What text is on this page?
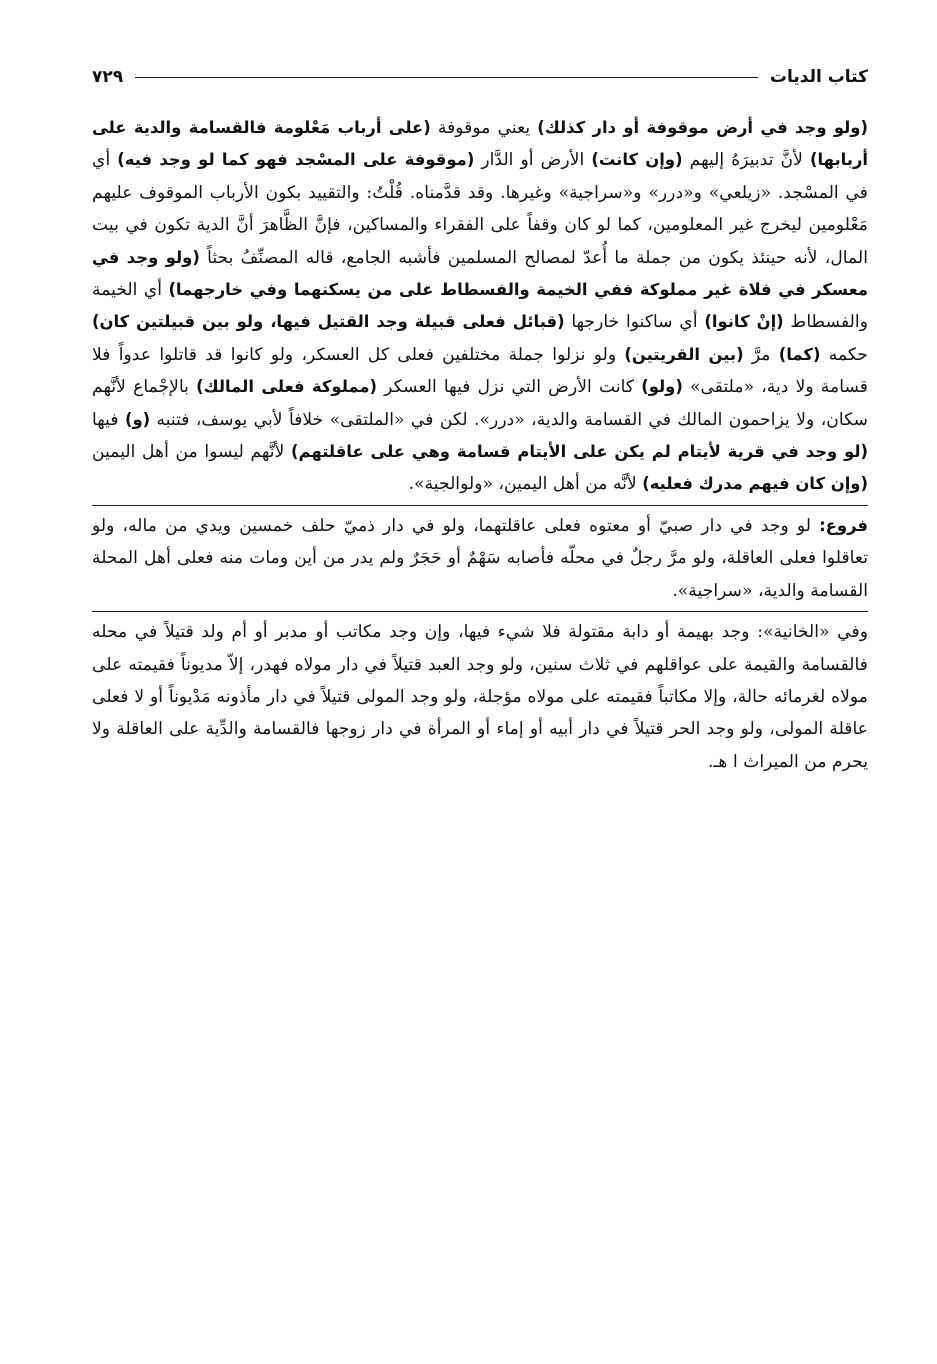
كتاب الديات
٧٢٩

(ولو وجد في أرض موقوفة أو دار كذلك) يعني موقوفة (على أرباب مَعْلومة فالقسامة والدية على أربابها) لأنَّ تدبيرَهُ إليهم (وإن كانت) الأرض أو الدَّار (موقوفة على المسْجد فهو كما لو وجد فيه) أي في المسْجد. «زيلعي» و«درر» و«سراجية» وغيرها. وقد قدَّمناه. قُلْتُ: والتقييد بكون الأرباب الموقوف عليهم مَعْلومين ليخرج غير المعلومين، كما لو كان وقفاً على الفقراء والمساكين، فإنَّ الظَّاهرَ أنَّ الدية تكون في بيت المال، لأنه حينئذ يكون من جملة ما أُعدّ لمصالح المسلمين فأشبه الجامع، قاله المصنِّفُ بحثاً (ولو وجد في معسكر في فلاة غير مملوكة ففي الخيمة والفسطاط على من يسكنهما وفي خارجهما) أي الخيمة والفسطاط (إنْ كانوا) أي ساكنوا خارجها (قبائل فعلى قبيلة وجد القتيل فيها، ولو بين قبيلتين كان) حكمه (كما) مرَّ (بين القريتين) ولو نزلوا جملة مختلفين فعلى كل العسكر، ولو كانوا قد قاتلوا عدواً فلا قسامة ولا دية، «ملتقى» (ولو) كانت الأرض التي نزل فيها العسكر (مملوكة فعلى المالك) بالإجْماع لأنَّهم سكان، ولا يزاحمون المالك في القسامة والدية، «درر». لكن في «الملتقى» خلافاً لأبي يوسف، فتنبه (و) فيها (لو وجد في قرية لأيتام لم يكن على الأيتام قسامة وهي على عاقلتهم) لأنَّهم ليسوا من أهل اليمين (وإن كان فيهم مدرك فعليه) لأنَّه من أهل اليمين، «ولوالجية».

فروع: لو وجد في دار صبيّ أو معتوه فعلى عاقلتهما، ولو في دار ذميّ حلف خمسين ويدي من ماله، ولو تعاقلوا فعلى العاقلة، ولو مرَّ رجلٌ في محلّه فأصابه سَهْمٌ أو حَجَرٌ ولم يدر من أين ومات منه فعلى أهل المحلة القسامة والدية، «سراجية».

وفي «الخانية»: وجد بهيمة أو دابة مقتولة فلا شيء فيها، وإن وجد مكاتب أو مدبر أو أم ولد قتيلاً في محله فالقسامة والقيمة على عواقلهم في ثلاث سنين، ولو وجد العبد قتيلاً في دار مولاه فهدر، إلاّ مديوناً فقيمته على مولاه لغرمائه حالة، وإلا مكاتباً فقيمته على مولاه مؤجلة، ولو وجد المولى قتيلاً في دار مأذونه مَدْيوناً أو لا فعلى عاقلة المولى، ولو وجد الحر قتيلاً في دار أبيه أو إماء أو المرأة في دار زوجها فالقسامة والدِّية على العاقلة ولا يحرم من الميراث ا هـ.
